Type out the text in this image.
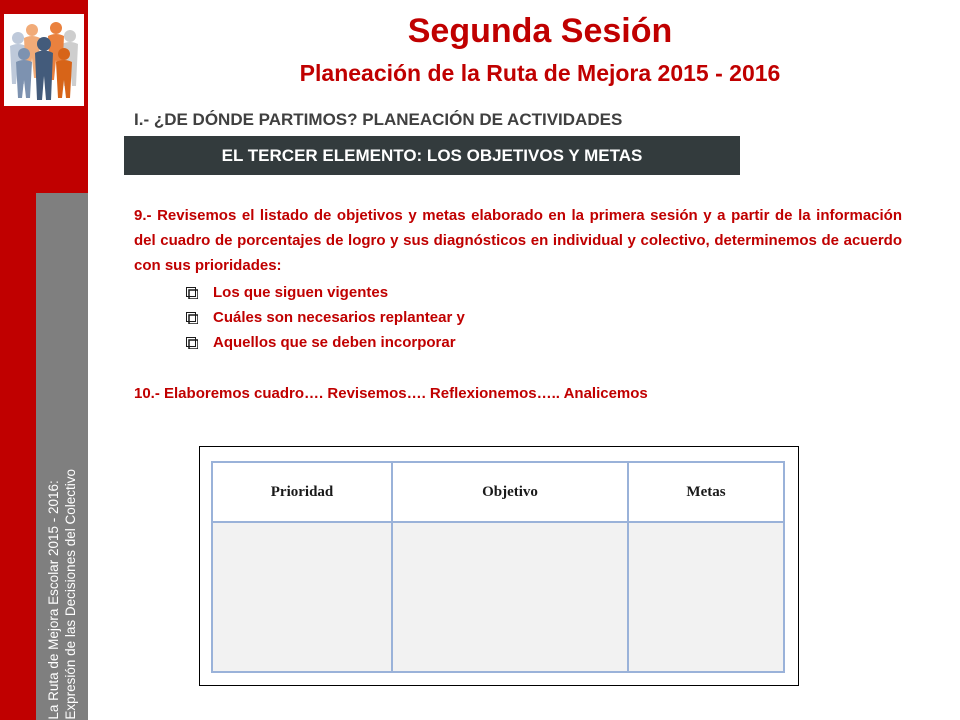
La Ruta de Mejora Escolar 2015 - 2016: Expresión de las Decisiones del Colectivo
Segunda Sesión
Planeación de la Ruta de Mejora 2015 - 2016

I.- ¿DE DÓNDE PARTIMOS? PLANEACIÓN DE ACTIVIDADES

EL TERCER ELEMENTO: LOS OBJETIVOS Y METAS

9.- Revisemos el listado de objetivos y metas elaborado en la primera sesión y a partir de la información del cuadro de porcentajes de logro y sus diagnósticos en individual y colectivo, determinemos de acuerdo con sus prioridades:

Los que siguen vigentes
Cuáles son necesarios replantear y
Aquellos que se deben incorporar

10.- Elaboremos cuadro…. Revisemos…. Reflexionemos….. Analicemos

Prioridad	Objetivo	Metas
